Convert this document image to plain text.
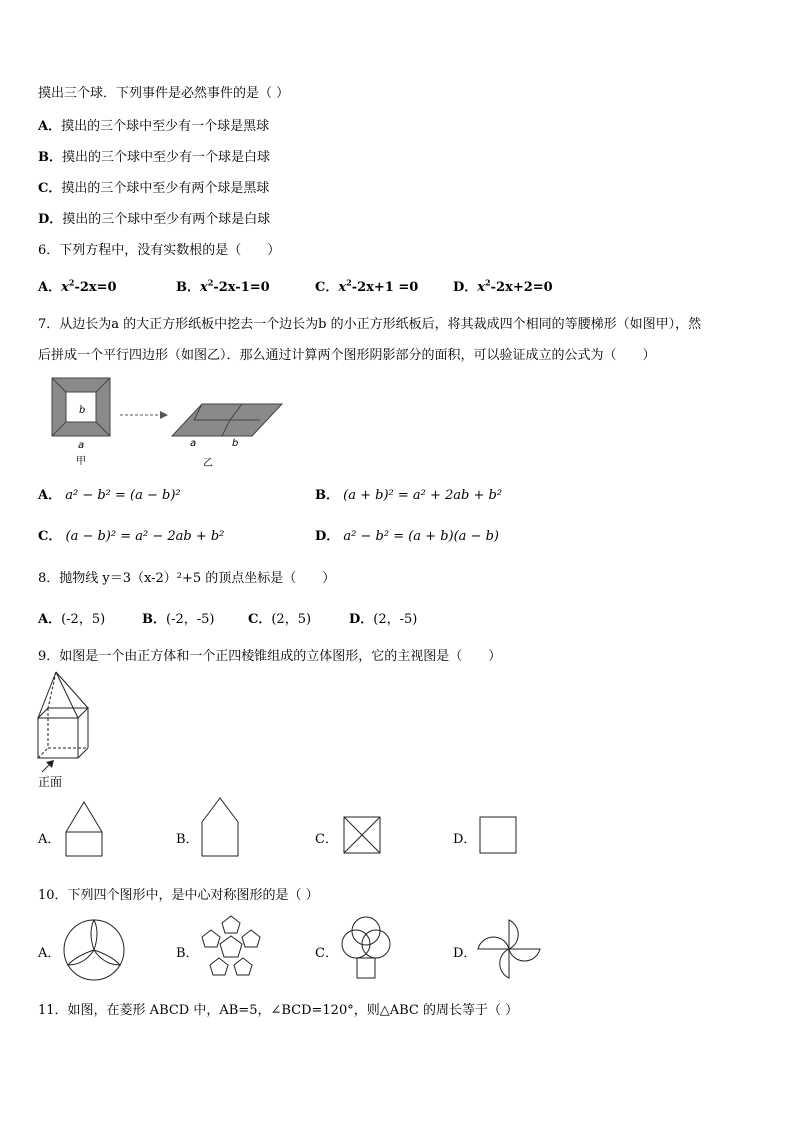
摸出三个球．下列事件是必然事件的是（ ）
A．摸出的三个球中至少有一个球是黑球
B．摸出的三个球中至少有一个球是白球
C．摸出的三个球中至少有两个球是黑球
D．摸出的三个球中至少有两个球是白球
6．下列方程中，没有实数根的是（　　）
A．$x^2-2x=0$	B．$x^2-2x-1=0$	C．$x^2-2x+1 =0$	D．$x^2-2x+2=0$
7．从边长为a 的大正方形纸板中挖去一个边长为b 的小正方形纸板后，将其裁成四个相同的等腰梯形（如图甲），然
后拼成一个平行四边形（如图乙）．那么通过计算两个图形阴影部分的面积，可以验证成立的公式为（　　）
b
a
甲
a	b
乙
A． a² − b² = (a − b)²	B． (a + b)² = a² + 2ab + b²
C． (a − b)² = a² − 2ab + b²	D． a² − b² = (a + b)(a − b)
8．抛物线 y＝3（x-2）²+5 的顶点坐标是（　　）
A．(-2，5)	B．(-2，-5)	C．(2，5)	D．(2，-5)
9．如图是一个由正方体和一个正四棱锥组成的立体图形，它的主视图是（　　）
正面
A．	B．	C．	D．
10．下列四个图形中，是中心对称图形的是（ ）
A．	B．	C．	D．
11．如图，在菱形 ABCD 中，AB=5，∠BCD=120°，则△ABC 的周长等于（ ）
